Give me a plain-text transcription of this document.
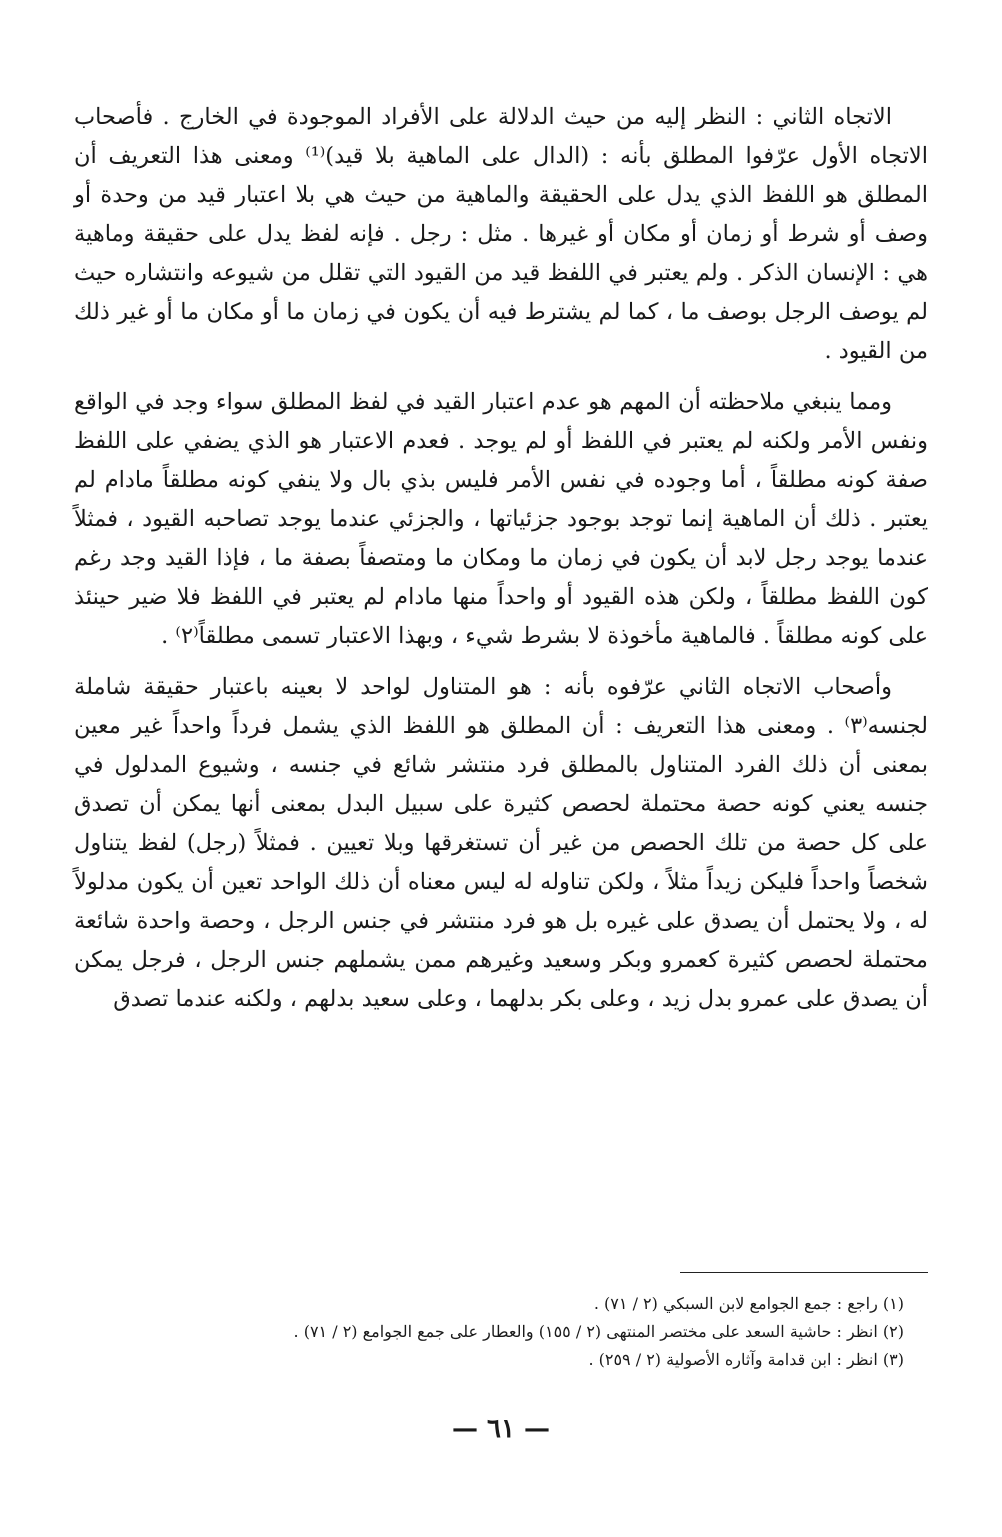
الاتجاه الثاني : النظر إليه من حيث الدلالة على الأفراد الموجودة في الخارج . فأصحاب الاتجاه الأول عرّفوا المطلق بأنه : (الدال على الماهية بلا قيد)⁽¹⁾ ومعنى هذا التعريف أن المطلق هو اللفظ الذي يدل على الحقيقة والماهية من حيث هي بلا اعتبار قيد من وحدة أو وصف أو شرط أو زمان أو مكان أو غيرها . مثل : رجل . فإنه لفظ يدل على حقيقة وماهية هي : الإنسان الذكر . ولم يعتبر في اللفظ قيد من القيود التي تقلل من شيوعه وانتشاره حيث لم يوصف الرجل بوصف ما ، كما لم يشترط فيه أن يكون في زمان ما أو مكان ما أو غير ذلك من القيود .

ومما ينبغي ملاحظته أن المهم هو عدم اعتبار القيد في لفظ المطلق سواء وجد في الواقع ونفس الأمر ولكنه لم يعتبر في اللفظ أو لم يوجد . فعدم الاعتبار هو الذي يضفي على اللفظ صفة كونه مطلقاً ، أما وجوده في نفس الأمر فليس بذي بال ولا ينفي كونه مطلقاً مادام لم يعتبر . ذلك أن الماهية إنما توجد بوجود جزئياتها ، والجزئي عندما يوجد تصاحبه القيود ، فمثلاً عندما يوجد رجل لابد أن يكون في زمان ما ومكان ما ومتصفاً بصفة ما ، فإذا القيد وجد رغم كون اللفظ مطلقاً ، ولكن هذه القيود أو واحداً منها مادام لم يعتبر في اللفظ فلا ضير حينئذ على كونه مطلقاً . فالماهية مأخوذة لا بشرط شيء ، وبهذا الاعتبار تسمى مطلقاً⁽٢⁾ .

وأصحاب الاتجاه الثاني عرّفوه بأنه : هو المتناول لواحد لا بعينه باعتبار حقيقة شاملة لجنسه⁽٣⁾ . ومعنى هذا التعريف : أن المطلق هو اللفظ الذي يشمل فرداً واحداً غير معين بمعنى أن ذلك الفرد المتناول بالمطلق فرد منتشر شائع في جنسه ، وشيوع المدلول في جنسه يعني كونه حصة محتملة لحصص كثيرة على سبيل البدل بمعنى أنها يمكن أن تصدق على كل حصة من تلك الحصص من غير أن تستغرقها وبلا تعيين . فمثلاً (رجل) لفظ يتناول شخصاً واحداً فليكن زيداً مثلاً ، ولكن تناوله له ليس معناه أن ذلك الواحد تعين أن يكون مدلولاً له ، ولا يحتمل أن يصدق على غيره بل هو فرد منتشر في جنس الرجل ، وحصة واحدة شائعة محتملة لحصص كثيرة كعمرو وبكر وسعيد وغيرهم ممن يشملهم جنس الرجل ، فرجل يمكن أن يصدق على عمرو بدل زيد ، وعلى بكر بدلهما ، وعلى سعيد بدلهم ، ولكنه عندما تصدق

(١) راجع : جمع الجوامع لابن السبكي (٢ / ٧١) .

(٢) انظر : حاشية السعد على مختصر المنتهى (٢ / ١٥٥) والعطار على جمع الجوامع (٢ / ٧١) .

(٣) انظر : ابن قدامة وآثاره الأصولية (٢ / ٢٥٩) .

— ٦١ —
